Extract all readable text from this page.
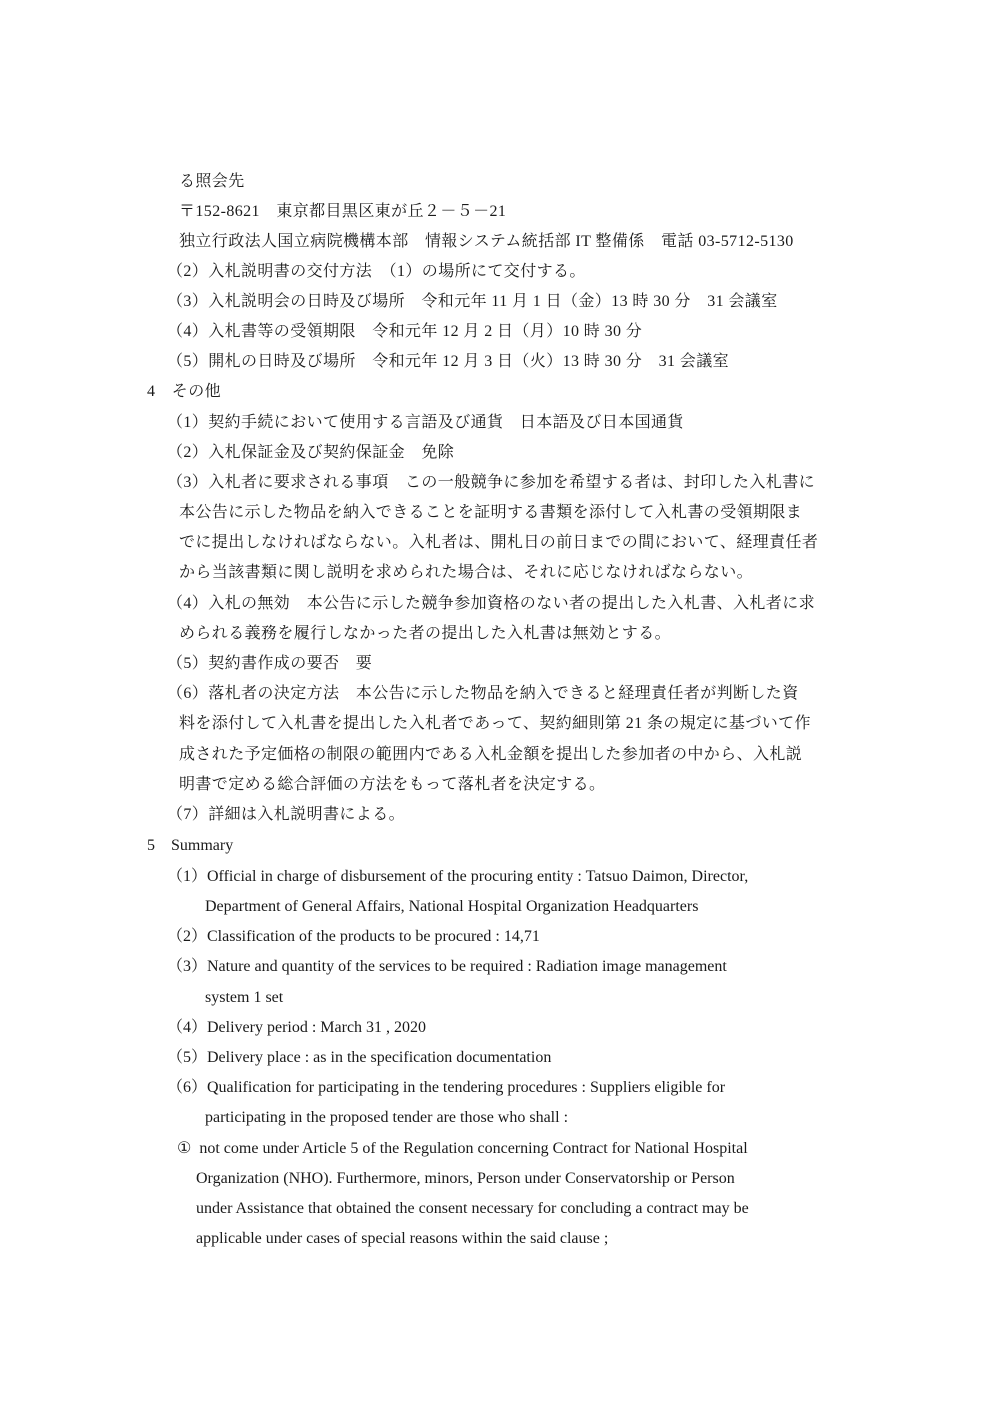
る照会先
〒152-8621　東京都目黒区東が丘２－５－21
独立行政法人国立病院機構本部　情報システム統括部 IT 整備係　電話 03-5712-5130
（2）入札説明書の交付方法　（1）の場所にて交付する。
（3）入札説明会の日時及び場所　令和元年 11 月 1 日（金）13 時 30 分　31 会議室
（4）入札書等の受領期限　令和元年 12 月 2 日（月）10 時 30 分
（5）開札の日時及び場所　令和元年 12 月 3 日（火）13 時 30 分　31 会議室
4　その他
（1）契約手続において使用する言語及び通貨　日本語及び日本国通貨
（2）入札保証金及び契約保証金　免除
（3）入札者に要求される事項　この一般競争に参加を希望する者は、封印した入札書に
本公告に示した物品を納入できることを証明する書類を添付して入札書の受領期限ま
でに提出しなければならない。入札者は、開札日の前日までの間において、経理責任者
から当該書類に関し説明を求められた場合は、それに応じなければならない。
（4）入札の無効　本公告に示した競争参加資格のない者の提出した入札書、入札者に求
められる義務を履行しなかった者の提出した入札書は無効とする。
（5）契約書作成の要否　要
（6）落札者の決定方法　本公告に示した物品を納入できると経理責任者が判断した資
料を添付して入札書を提出した入札者であって、契約細則第 21 条の規定に基づいて作
成された予定価格の制限の範囲内である入札金額を提出した参加者の中から、入札説
明書で定める総合評価の方法をもって落札者を決定する。
（7）詳細は入札説明書による。
5　Summary
（1）Official in charge of disbursement of the procuring entity : Tatsuo Daimon, Director,
Department of General Affairs, National Hospital Organization Headquarters
（2）Classification of the products to be procured : 14,71
（3）Nature and quantity of the services to be required : Radiation image management
system 1 set
（4）Delivery period : March 31 , 2020
（5）Delivery place : as in the specification documentation
（6）Qualification for participating in the tendering procedures : Suppliers eligible for
participating in the proposed tender are those who shall :
①  not come under Article 5 of the Regulation concerning Contract for National Hospital
Organization (NHO). Furthermore, minors, Person under Conservatorship or Person
under Assistance that obtained the consent necessary for concluding a contract may be
applicable under cases of special reasons within the said clause ;
